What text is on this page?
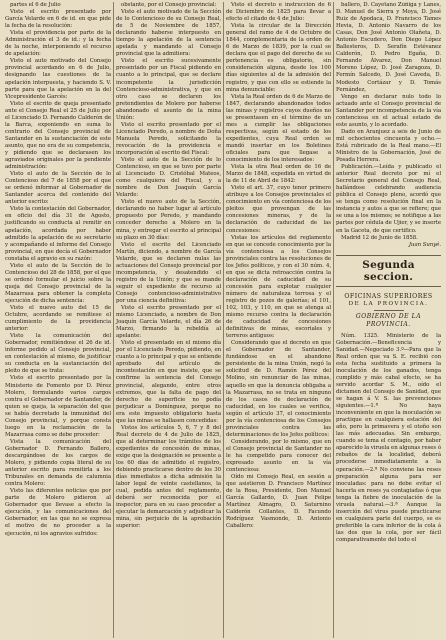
partes el 6 de Julio

Visto el escrito presentado por García Velarde en 6 de id. en que pide la fecha de la resolución:

Vista el providencia por parte de la Administración el 3 de id.: y la fecha de la noche, interponiendo el recurso de apelación:

Visto el auto motivado del Consejo provincial acordando en 6 de Julio, designando las cuestiones de la apelación interpuesta, y haciendo S. V. parte para que la apelación en la del Vicepresidente Garcés:

Visto el escrito de queja presentado ante el Consejo Real el 25 de Julio por el Licenciado D. Fernando Calderón de la Barca, exponiendo en suma lo contrario del Consejo provincial de Santander en la sustanciación de este asunto, que no era de su competencia, y pidiendo que se declarasen los agraviados originales por la pendiente administración:

Visto el auto de la Sección de lo Contencioso del 7 de 1858 por el que se ordenó informar al Gobernador de Santander acerca del contenido del anterior escrito:

Visto la contestación del Gobernador, en oficio del día 31 de Agosto, justificando su conducta al remitir en apelación, acordada por haber admitido la apelación de su secretario y acompañando el informe del Consejo provincial, en que decía el Gobernador constaba el agravio en su razón:

Visto el auto de la Sección de lo Contencioso del 28 de 1858, por el que se ordenó formular el juicio sobre la queja del Consejo provincial de la Mazarrasa para obtener la completa ejecución de dicha sentencia:

Visto el nuevo auto del 15 de Octubre, acordando se remitiese el cumplimiento de la providencia anterior:

Visto la comunicación del Gobernador, remitiéndose el 26 de id. informe pedido al Consejo provincial, en contestación al mismo, de justificar su conducta en la sustanciación del pleito de que se trata:

Visto el escrito presentado por la Ministerio de Fomento por D. Pérez Molero, formulando varios cargos contra el Gobernador de Santander, de quien se queja, la separación del que se había decretado la inmunidad del Consejo provincial, y porque consta luego en la reclamación de la Mazarrasa como se debe proceder:

Vista la comunicación del Gobernador D. Fernando Ballero, descargándose de los cargos de Molero, y pidiendo copia literal de su anterior escrito para remitirla a los Tribunales en demanda de calumnia contra Molero:

Visto las diferentes noticias que por parte de Molero pidieron al Gobernador que llevase a efecto la ejecución, y las comunicaciones del Gobernador, en las que no se expresa el motivo de no proceder a la ejecución, ni los agravios sufridos:

obstante, por el Consejo provincial:

Visto el auto motivado de la Sección de lo Contencioso de su Consejo Real, de 5 de Noviembre de 1857, declarando haberse interpuesto en tiempo la apelación de la sentencia apelada y mandando al Consejo provincial que la admitiera:

Visto el escrito sucesivamente presentado por un Fiscal pidiendo en cuanto a lo principal, que se declare incompetente la jurisdicción Contencioso-administrativa, y que en otro caso se declaren los pretendientes de Molero por haberse abandonado el asunto de la mina Unión:

Visto el escrito presentado por el Licenciado Peredo, a nombre de Doña Manuela Peredo, solicitando la revocación de la providencia e incorporación al escrito del Fiscal:

Visto el auto de la Sección de lo Contencioso, en que se tuvo por parte al Licenciado D. Cristóbal Mateos, como cualquiera del Fiscal, y a nombre de Don Joaquín García Velarde:

Visto el nuevo auto de la Sección, declarando no haber lugar al artículo propuesto por Peredo, y mandando conceder derecho a Molero en la mina, y entregar el escrito al principal su plazo en 30 días:

Visto el escrito del Licenciado Martín, diciendo, a nombre de García Velarde, que se declaren nulas las actuaciones del Consejo provincial por incompetencia, y desatendido el registro de la Unión; y que se mande seguir el expediente de recurso al Consejo contencioso-administrativo por una ciencia definitiva:

Visto el escrito presentado por el mismo Licenciado, a nombre de Don Joaquín García Velarde, el día 26 de Marzo, firmando la rebeldía al apelante:

Visto el presentado en el mismo día por el Licenciado Peredo, pidiendo, en cuanto a lo principal y que se entiende aprobado del artículo de incontestación en que insiste, que se confirme la sentencia del Consejo provincial, alegando, entre otros extremos, que la falta de pago del derecho de superficie no podía perjudicar a Domínguez, porque no era este impuesto obligatorio hasta que las minas se hallasen concedidas:

Vistos los artículos 5, 6, 7 y 8 del Real decreto de 4 de Julio de 1825, que al determinar los trámites de los expedientes de concesión de minas, exige que la designación se presente a los 60 días de admitido el registro, debiendo practicarse dentro de los 30 días inmediatos a dicha admisión la labor legal de veinte castellanos, la cual, pedida antes del reglamento, deberá ser reconocida por el inspector, para en su caso proceder a ejecutar la demarcación y adjudicar la mina, sin perjuicio de la aprobación superior:

Visto el decreto e instrucción de 6 de Diciembre de 1825 para llevar a efecto el citado de 4 de Julio:

Vista la circular de la Dirección general del ramo de 4 de Octubre de 1844, complementaria de la orden de 6 de Marzo de 1839, por la cual se declara que el pago del derecho de su pertenencia es obligatorio, sin consideración alguna, desde los 100 días siguientes al de la admisión del registro, y que con ello se estiende la mina denunciable:

Vista la Real orden de 6 de Marzo de 1847, declarando abandonados todos las minas y registros cuyos dueños no se presentasen en el término de un mes a cumplir las obligaciones respectivas, según el estado de los expedientes, cuya Real orden se mandó insertar en los Boletines oficiales para que llegase a conocimiento de los interesados:

Vista la otra Real orden de 16 de Marzo de 1848, expedida en virtud de la de 11 de Abril de 1842:

Visto el art. 37, cuyo tenor primero atribuye a los Consejos provinciales el conocimiento en vía contenciosa de los pleitos que provengan de las concesiones mineras, y de la declaración de caducidad de las concesiones:

Vistas los artículos del reglamento en que se concede conocimiento por la vía contenciosa a los Consejos provinciales contra las resoluciones de los Jefes políticos, y con el 30 núm. 4, en que se dicta retroacción contra la declaración de caducidad de su concesión para explotar cualquier número de naturaleza terrosa y el registro de pozos de galerías; el 101, 102, 103, y 110, en que se atenga al mismo recurso contra la declaración de caducidad de concesiones definitivas de minas, escoriales y terreros antiguos:

Considerando que el decreto en que el Gobernador de Santander, fundándose en el abandono persistente de la mina Unión, negó la solicitud de D. Ramón Pérez del Molino, sin renunciar de las minas, aquello en que la denuncia obligaba a la Mazarrasa, no se trata en ninguno de los casos de declaración de caducidad, en los cuales se verifica, según el artículo 37, el conocimiento por la vía contenciosa de los Consejos provinciales contra las determinaciones de los Jefes políticos:

Considerando, por lo mismo, que en el Consejo provincial de Santander no le ha competido para conocer del expresado asunto en la vía contenciosa:

Oído mi Consejo Real, en sesión a que asistieron D. Francisco Martínez de la Rosa, Presidente, Don Manuel García Gallardo, D. Juan Felipe Martínez Almagro, D. Saturnino Calderón Collantes, D. Facundo Rodríguez Vasmonde, D. Antonio Caballero:

ballero, D. Cayetano Zúñiga y Lanes, D. Manuel de Sierra y Moya, D. José Ruiz de Apodaca, D. Francisco Tames Hevia, D. Antonio Navarro de los Casas, Don José Antonio Olañeta, D. Antonio Escudero, Don Diego López Ballesteros, D. Serafín Estévanez Calderón, D. Pedro Egaña, D. Fernando Álvarez, Don Manuel Moreno López, D. José Zaragoza, D. Fermín Salcedo, D. José Caveda, D. Modesto Cortázar y D. Tomás Fernández,

Vengo en declarar nulo todo lo actuado ante el Consejo provincial de Santander por incompetencia de la vía contenciosa en el actual estado de este asunto, y lo acordado.

Dado en Aranjuez a seis de Junio de mil ochocientos cincuenta y ocho.—Está rubricado de la Real mano.—El Ministro de la Gobernación, José de Posada Herrera.

Publicación.—Leída y publicado el anterior Real decreto por mí el Secretario general del Consejo Real, hallándose celebrando audiencia pública el Consejo pleno, acordó que se tenga como resolución final en la instancia y autos a que se refiere; que se una a los mismos; se notifique a las partes por cédula de Ujier, y se inserte en la Gaceta, de que certifico.

Madrid 12 de Junio de 1858.

Juan Sunyé.

Segunda seccion.
OFICINAS SUPERIORES
DE LA PROVINCIA.
GOBIERNO DE LA PROVINCIA.

Núm. 1325. Ministerio de la Gobernación.—Beneficencia y Sanidad.—Negociado 3.º—Para que la Real orden que va S. E. recibió con esta fecha sustituido a primera la inoculación de los ganados, tenga cumplido y más cabal efecto, se ha servido acordar S. M., oído el dictamen del Consejo de Sanidad, que se hagan á V. S. las prevenciones siguientes.—1.ª No haya inconveniente en que la inoculación se practique en cualquiera estación del año, pero la primavera y el otoño son las más adecuadas. Sin embargo, cuando se tema el contagio, por haber aparecido la viruela en algunas reses ó rebaños de la localidad, deberá procederse inmediatamente a la operación.—2.ª No conviene las reses preparación alguna para ser inoculadas: para no debe evitar el hacerla en reses ya contagiadas ó que tenga la fiebre de inoculación de la viruela natural.—3.ª Aunque la inserción del virus puede practicarse en cualquiera parte del cuerpo, se es preferible la cara inferior de la cola á las dos que la cola, por ser fácil comparativamente del todo el
